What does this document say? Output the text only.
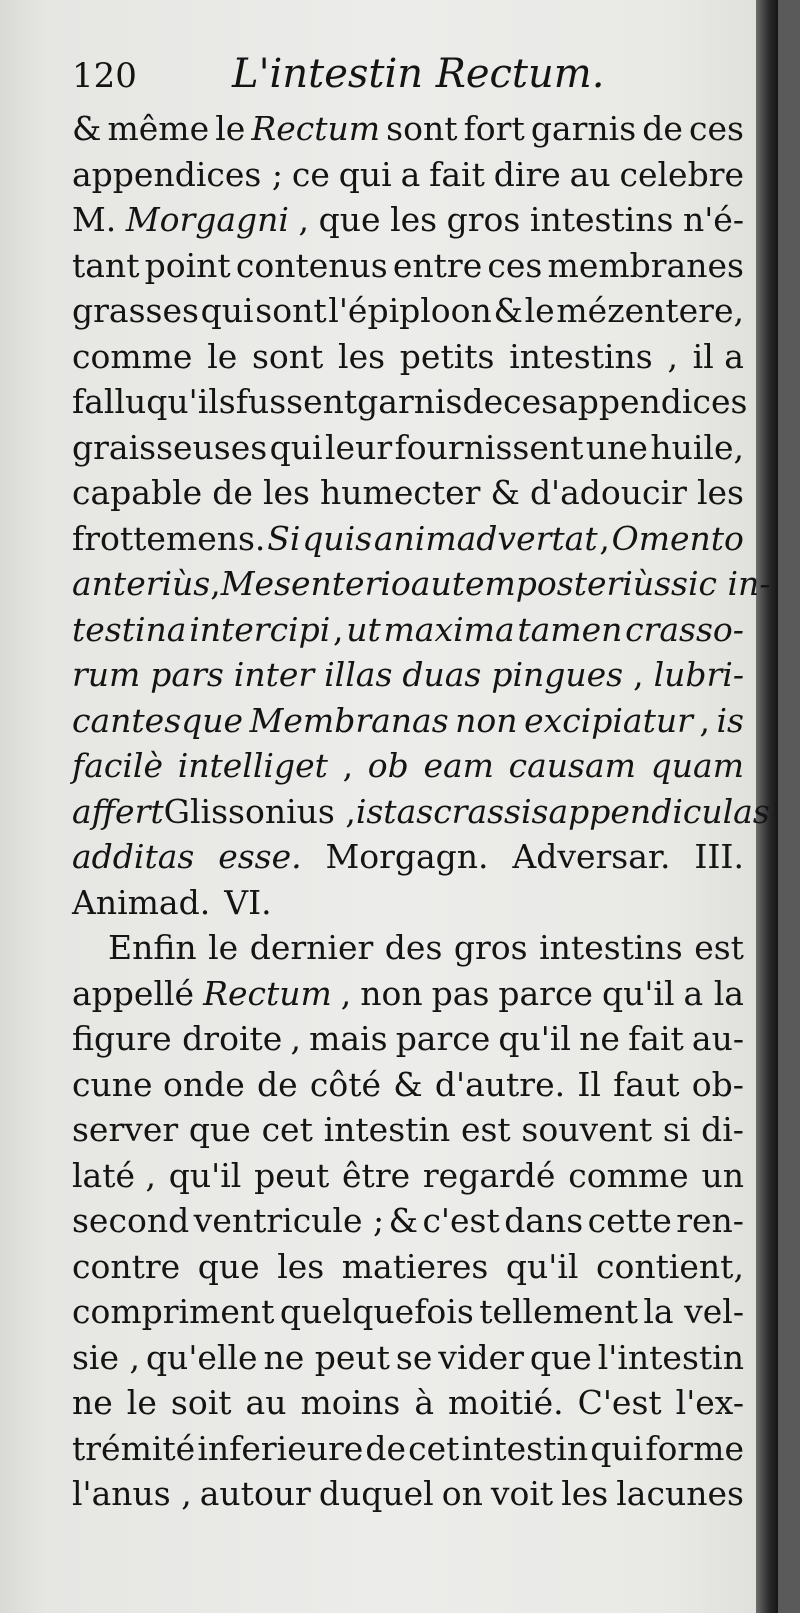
120	L'intestin Rectum.
& même le Rectum sont fort garnis de ces
appendices ; ce qui a fait dire au celebre
M. Morgagni , que les gros intestins n'é-
tant point contenus entre ces membranes
grasses qui sont l'épiploon & le mézentere,
comme le sont les petits intestins , il a
fallu qu'ils fussent garnis de ces appendices
graisseuses qui leur fournissent une huile,
capable de les humecter & d'adoucir les
frottemens. Si quis animadvertat , Omento
anteriùs , Mesenterio autem posteriùs sic in-
testina intercipi , ut maxima tamen crasso-
rum pars inter illas duas pingues , lubri-
cantesque Membranas non excipiatur , is
facilè intelliget , ob eam causam quam
affert Glissonius , istas crassis appendiculas
additas esse. Morgagn. Adversar. III.
Animad. VI.
Enfin le dernier des gros intestins est
appellé Rectum , non pas parce qu'il a la
figure droite , mais parce qu'il ne fait au-
cune onde de côté & d'autre. Il faut ob-
server que cet intestin est souvent si di-
laté , qu'il peut être regardé comme un
second ventricule ; & c'est dans cette ren-
contre que les matieres qu'il contient,
compriment quelquefois tellement la vel-
sie , qu'elle ne peut se vider que l'intestin
ne le soit au moins à moitié. C'est l'ex-
trémité inferieure de cet intestin qui forme
l'anus , autour duquel on voit les lacunes
